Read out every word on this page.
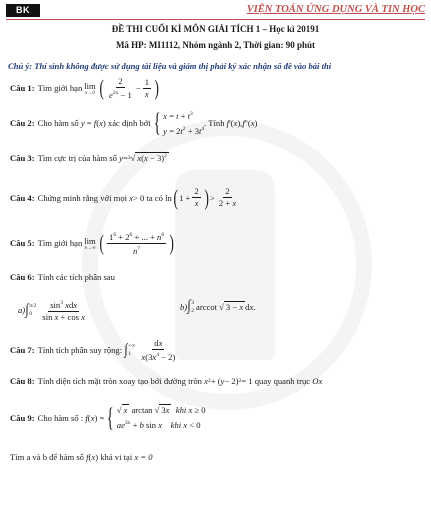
BK	VIỆN TOÁN ỨNG DỤNG VÀ TIN HỌC
ĐỀ THI CUỐI KÌ MÔN GIẢI TÍCH 1 – Học kì 20191
Mã HP: MI1112, Nhóm ngành 2, Thời gian: 90 phút
Chú ý: Thí sinh không được sử dụng tài liệu và giám thị phải ký xác nhận số đề vào bài thi
Câu 1: Tìm giới hạn lim
x→0 ( $\frac{2}{e^{2x} - 1} - \frac{1}{x}$ )
Câu 2: Cho hàm số
y = f ( x ) xác định bởi { $x = t + t^3$
$y = 2t^2 + 3t^4$
. Tính
f '( x ), f ''( x )
Câu 3: Tìm cực trị của hàm số
y = 3 √ $x(x - 3)^2$
Câu 4: Chứng minh rằng với mọi
x > 0 ta có ln ( $1 + \frac{2}{x}$ ) > $\frac{2}{2 + x}$
Câu 5: Tìm giới hạn lim
n→∞ ( $\frac{1^6 + 2^6 + ... + n^6}{n^7}$ )
Câu 6: Tính các tích phân sau
a) ∫ π/2
$0 \frac{\sin^3 xdx}{\text{sin x + cos x}}$	b) ∫ 3
2 arccot √ 3 − x d x .
Câu 7: Tính tích phân suy rộng:
∫ +∞
$1 \frac{dx}{x(3x^4 - 2)}$
Câu 8: Tính diện tích mặt tròn xoay tạo bởi đường tròn
x 2 + ( y − 2) 2 = 1 quay quanh trục
Ox
Câu 9: Cho hàm số :
f ( x ) = { √ x arctan √ 3x khi x ≥ 0
$ae^{3x} + b$ sin x khi x < 0
Tìm a và b để hàm số
f ( x ) khả vi tại
x = 0
